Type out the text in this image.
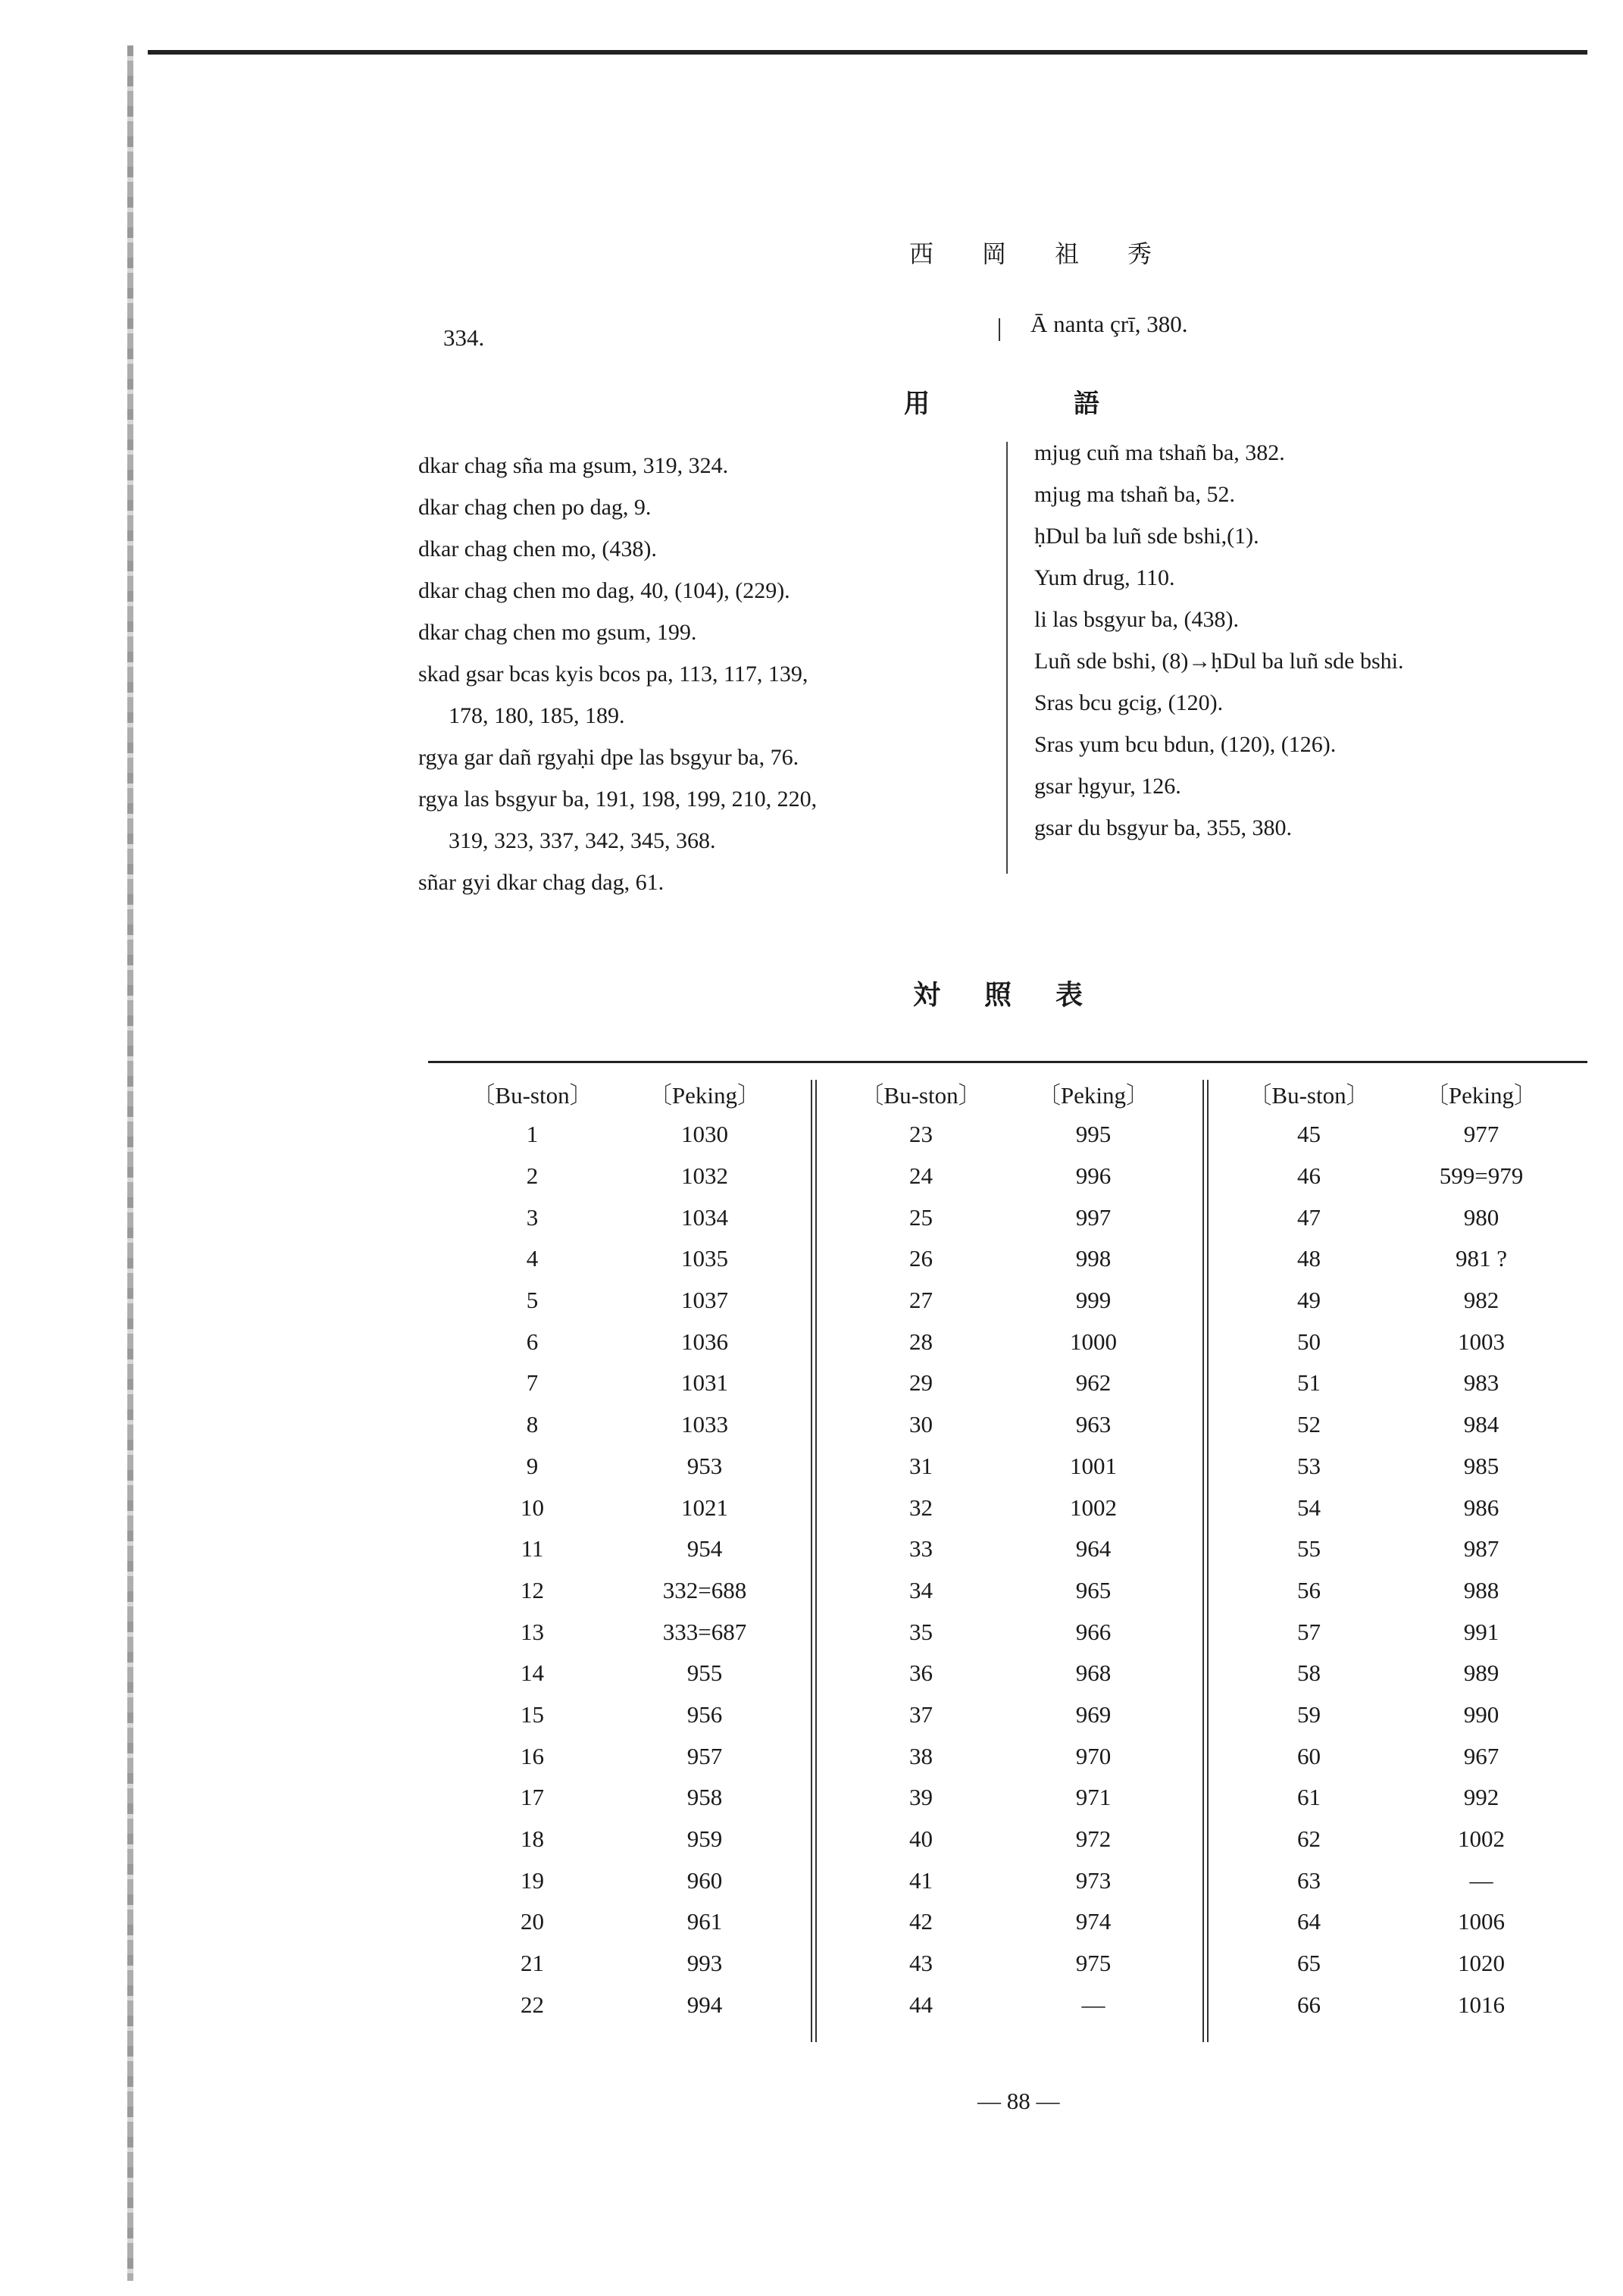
西 岡 祖 秀
334.
Ā nanta çrī, 380.
用	語

dkar chag sña ma gsum, 319, 324.

dkar chag chen po dag, 9.

dkar chag chen mo, (438).

dkar chag chen mo dag, 40, (104), (229).

dkar chag chen mo gsum, 199.

skad gsar bcas kyis bcos pa, 113, 117, 139,

178, 180, 185, 189.

rgya gar dañ rgyaḥi dpe las bsgyur ba, 76.

rgya las bsgyur ba, 191, 198, 199, 210, 220,

319, 323, 337, 342, 345, 368.

sñar gyi dkar chag dag, 61.

mjug cuñ ma tshañ ba, 382.

mjug ma tshañ ba, 52.

ḥDul ba luñ sde bshi,(1).

Yum drug, 110.

li las bsgyur ba, (438).

Luñ sde bshi, (8)→ḥDul ba luñ sde bshi.

Sras bcu gcig, (120).

Sras yum bcu bdun, (120), (126).

gsar ḥgyur, 126.

gsar du bsgyur ba, 355, 380.

対照表
〔Bu-ston〕	〔Peking〕
1	1030
2	1032
3	1034
4	1035
5	1037
6	1036
7	1031
8	1033
9	953
10	1021
11	954
12	332=688
13	333=687
14	955
15	956
16	957
17	958
18	959
19	960
20	961
21	993
22	994
〔Bu-ston〕	〔Peking〕
23	995
24	996
25	997
26	998
27	999
28	1000
29	962
30	963
31	1001
32	1002
33	964
34	965
35	966
36	968
37	969
38	970
39	971
40	972
41	973
42	974
43	975
44	—
〔Bu-ston〕	〔Peking〕
45	977
46	599=979
47	980
48	981 ?
49	982
50	1003
51	983
52	984
53	985
54	986
55	987
56	988
57	991
58	989
59	990
60	967
61	992
62	1002
63	—
64	1006
65	1020
66	1016
— 88 —
